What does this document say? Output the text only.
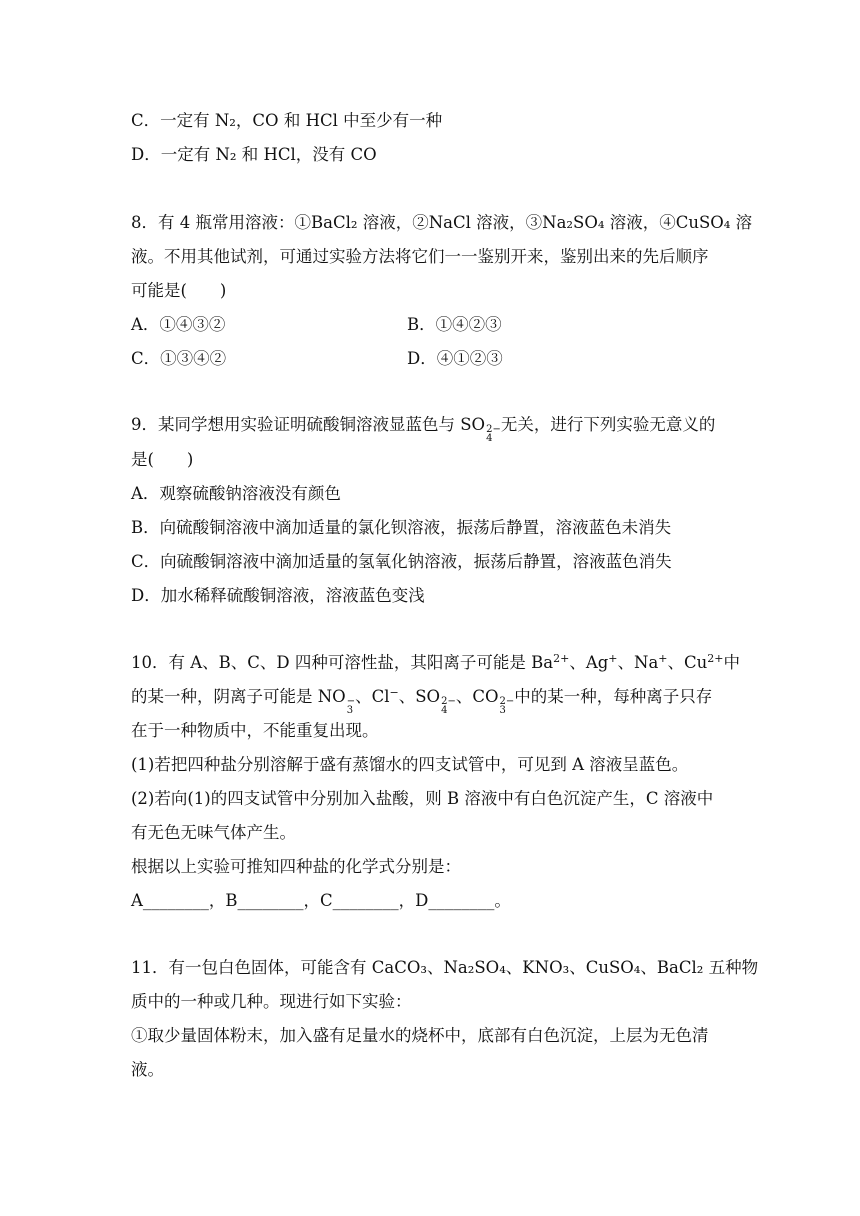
C．一定有 N₂，CO 和 HCl 中至少有一种
D．一定有 N₂ 和 HCl，没有 CO
8．有 4 瓶常用溶液：①BaCl₂ 溶液，②NaCl 溶液，③Na₂SO₄ 溶液，④CuSO₄ 溶
液。不用其他试剂，可通过实验方法将它们一一鉴别开来，鉴别出来的先后顺序
可能是(　　)
A．①④③②	B．①④②③
C．①③④②	D．④①②③
9．某同学想用实验证明硫酸铜溶液显蓝色与 SO 2−
4
无关，进行下列实验无意义的
是(　　)
A．观察硫酸钠溶液没有颜色
B．向硫酸铜溶液中滴加适量的氯化钡溶液，振荡后静置，溶液蓝色未消失
C．向硫酸铜溶液中滴加适量的氢氧化钠溶液，振荡后静置，溶液蓝色消失
D．加水稀释硫酸铜溶液，溶液蓝色变浅
10．有 A、B、C、D 四种可溶性盐，其阳离子可能是 $Ba^{2+}$、Ag+、Na+、$Cu^{2+}$中
的某一种，阴离子可能是 NO −
3
、Cl−、SO 2−
4
、CO 2−
3
中的某一种，每种离子只存
在于一种物质中，不能重复出现。
(1)若把四种盐分别溶解于盛有蒸馏水的四支试管中，可见到 A 溶液呈蓝色。
(2)若向(1)的四支试管中分别加入盐酸，则 B 溶液中有白色沉淀产生，C 溶液中
有无色无味气体产生。
根据以上实验可推知四种盐的化学式分别是：
A________，B________，C________，D________。
11．有一包白色固体，可能含有 CaCO₃、Na₂SO₄、KNO₃、CuSO₄、BaCl₂ 五种物
质中的一种或几种。现进行如下实验：
①取少量固体粉末，加入盛有足量水的烧杯中，底部有白色沉淀，上层为无色清
液。
